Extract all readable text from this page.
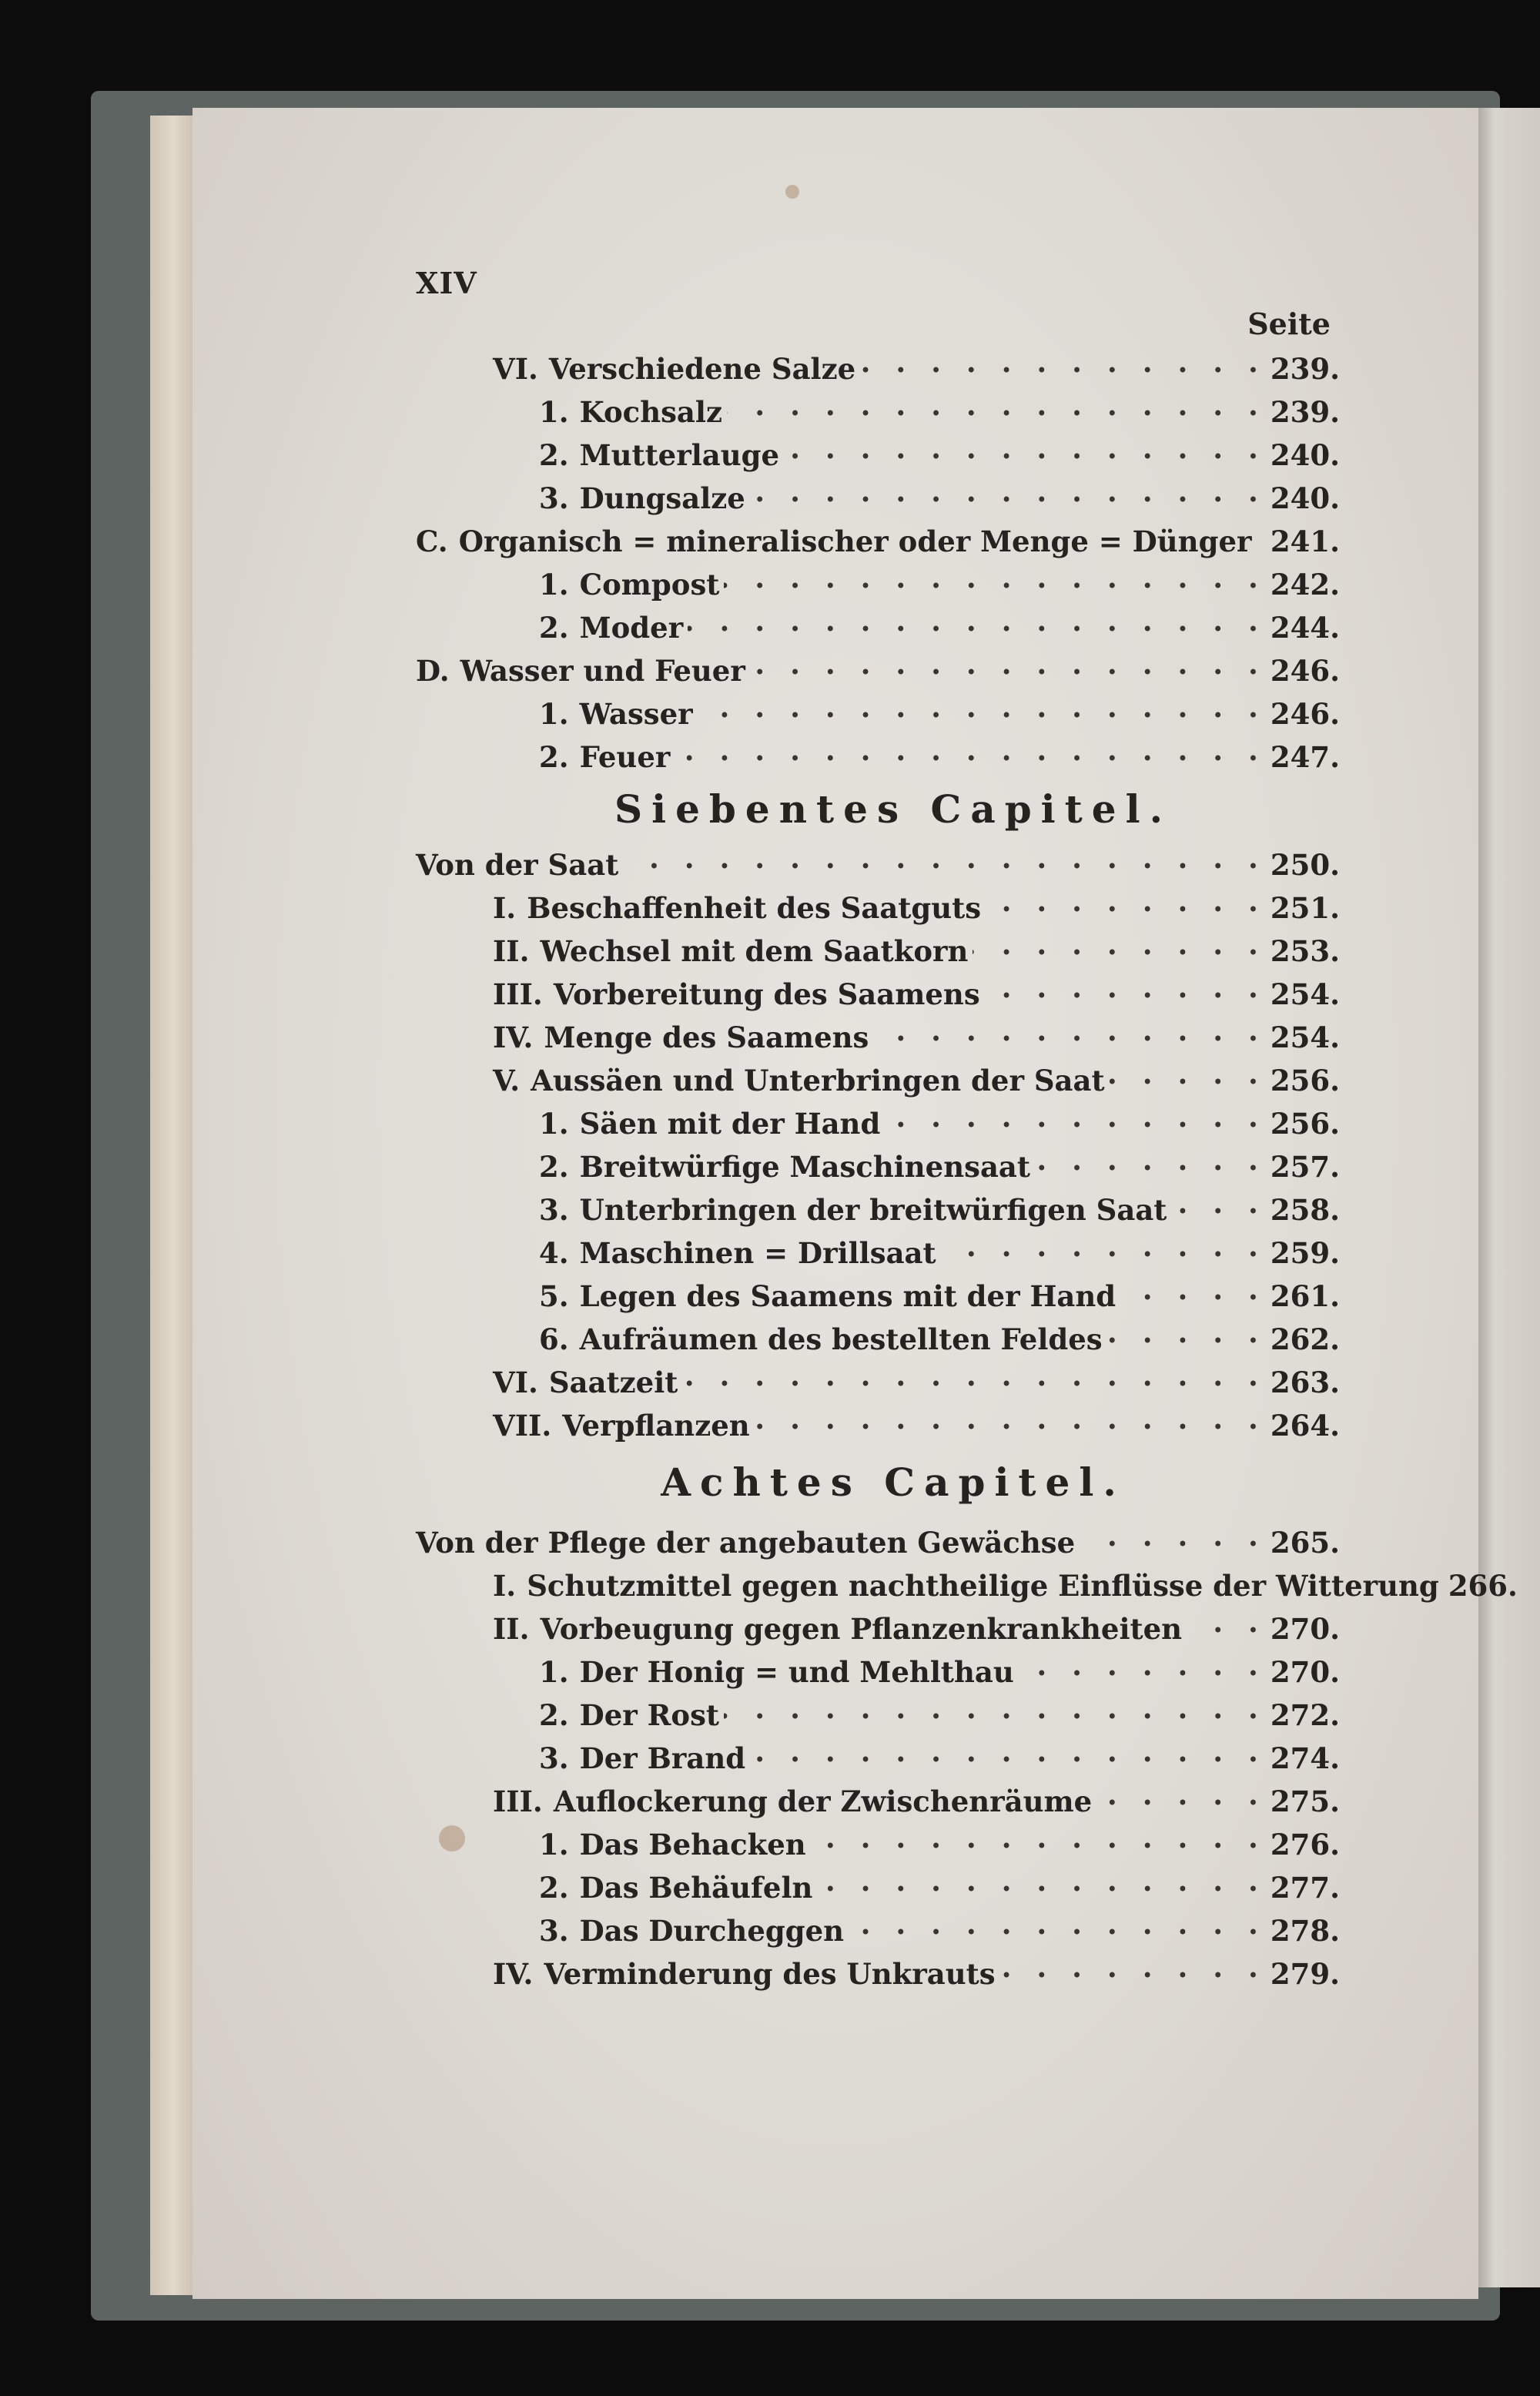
XIV
Seite
VI. Verschiedene Salze . . .	239.
1. Kochsalz . . .	239.
2. Mutterlauge . . .	240.
3. Dungsalze . . .	240.
C. Organisch = mineralischer oder Menge = Dünger . . . 241.
1. Compost . . .	242.
2. Moder . . .	244.
D. Wasser und Feuer . . .	246.
1. Wasser . . .	246.
2. Feuer . . .	247.
Siebentes Capitel.
Von der Saat . . .	250.
I. Beschaffenheit des Saatguts . . .	251.
II. Wechsel mit dem Saatkorn . . .	253.
III. Vorbereitung des Saamens . . .	254.
IV. Menge des Saamens . . .	254.
V. Aussäen und Unterbringen der Saat . . .	256.
1. Säen mit der Hand . . .	256.
2. Breitwürfige Maschinensaat . . .	257.
3. Unterbringen der breitwürfigen Saat . . .	258.
4. Maschinen = Drillsaat . . .	259.
5. Legen des Saamens mit der Hand . . .	261.
6. Aufräumen des bestellten Feldes . . .	262.
VI. Saatzeit . . .	263.
VII. Verpflanzen . . .	264.
Achtes Capitel.
Von der Pflege der angebauten Gewächse . . .	265.
I. Schutzmittel gegen nachtheilige Einflüsse der Witterung 266.
II. Vorbeugung gegen Pflanzenkrankheiten . . .	270.
1. Der Honig = und Mehlthau . . .	270.
2. Der Rost . . .	272.
3. Der Brand . . .	274.
III. Auflockerung der Zwischenräume . . .	275.
1. Das Behacken . . .	276.
2. Das Behäufeln . . .	277.
3. Das Durcheggen . . .	278.
IV. Verminderung des Unkrauts . . .	279.
